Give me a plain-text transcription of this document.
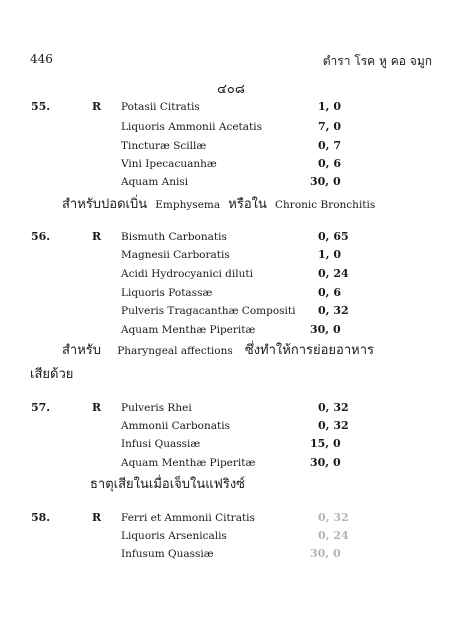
446	ตำรา โรค หู คอ จมูก
๔๐๘
55.	R Potasii Citratis	1, 0
Liquoris Ammonii Acetatis	7, 0
Tincturæ Scillæ	0, 7
Vini Ipecacuanhæ	0, 6
Aquam Anisi	30, 0
สำหรับปอดเบิ่น Emphysema หรือใน Chronic Bronchitis
56.	R Bismuth Carbonatis	0, 65
Magnesii Carboratis	1, 0
Acidi Hydrocyanici diluti	0, 24
Liquoris Potassæ	0, 6
Pulveris Tragacanthæ Compositi 0, 32
Aquam Menthæ Piperitæ	30, 0
สำหรับ Pharyngeal affections ซึ่งทำให้การย่อยอาหาร
เสียด้วย
57.	R Pulveris Rhei	0, 32
Ammonii Carbonatis	0, 32
Infusi Quassiæ	15, 0
Aquam Menthæ Piperitæ	30, 0
ธาตุเสียในเมื่อเจ็บในแฟริงซ์
58.	R Ferri et Ammonii Citratis	0, 32
Liquoris Arsenicalis	0, 24
Infusum Quassiæ	30, 0
